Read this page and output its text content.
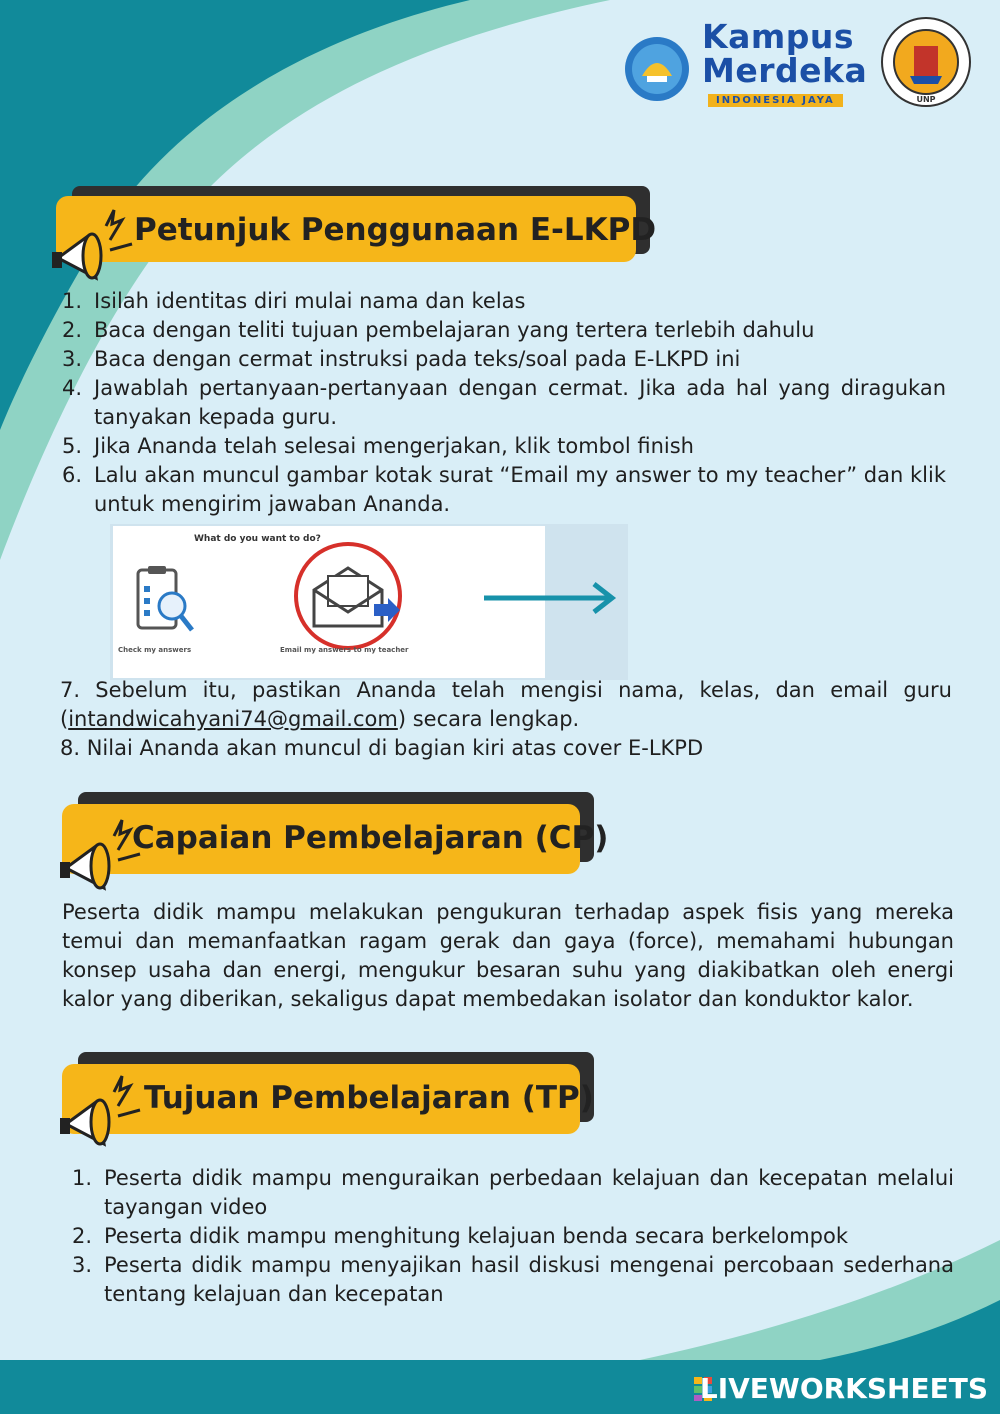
Kampus
Merdeka
INDONESIA JAYA	UNP
Petunjuk Penggunaan E-LKPD
1. Isilah identitas diri mulai nama dan kelas
2. Baca dengan teliti tujuan pembelajaran yang tertera terlebih dahulu
3. Baca dengan cermat instruksi pada teks/soal pada E-LKPD ini
4. Jawablah pertanyaan-pertanyaan dengan cermat. Jika ada hal yang diragukan tanyakan kepada guru.
5. Jika Ananda telah selesai mengerjakan, klik tombol finish
6. Lalu akan muncul gambar kotak surat “Email my answer to my teacher” dan klik untuk mengirim jawaban Ananda.
What do you want to do?
Check my answers	Email my answers to my teacher

7. Sebelum itu, pastikan Ananda telah mengisi nama, kelas, dan email guru (intandwicahyani74@gmail.com) secara lengkap.

8. Nilai Ananda akan muncul di bagian kiri atas cover E-LKPD

Capaian Pembelajaran (CP)

Peserta didik mampu melakukan pengukuran terhadap aspek fisis yang mereka temui dan memanfaatkan ragam gerak dan gaya (force), memahami hubungan konsep usaha dan energi, mengukur besaran suhu yang diakibatkan oleh energi kalor yang diberikan, sekaligus dapat membedakan isolator dan konduktor kalor.

Tujuan Pembelajaran (TP)
1. Peserta didik mampu menguraikan perbedaan kelajuan dan kecepatan melalui tayangan video
2. Peserta didik mampu menghitung kelajuan benda secara berkelompok
3. Peserta didik mampu menyajikan hasil diskusi mengenai percobaan sederhana tentang kelajuan dan kecepatan
LIVEWORKSHEETS
